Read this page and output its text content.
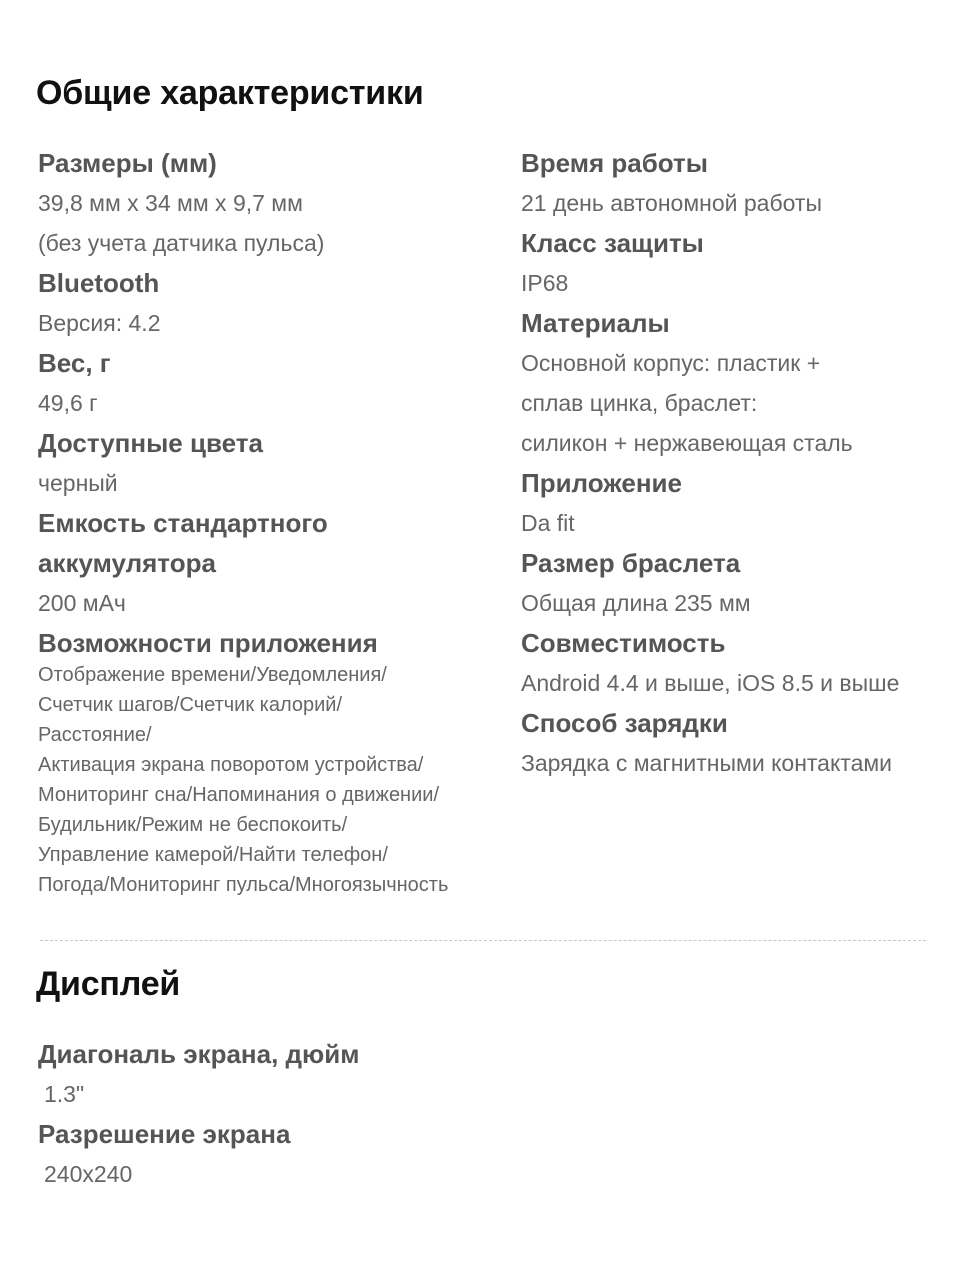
Общие характеристики
Размеры (мм)
39,8 мм х 34 мм х 9,7 мм
(без учета датчика пульса)
Bluetooth
Версия: 4.2
Вес, г
49,6 г
Доступные цвета
черный
Емкость стандартного
аккумулятора
200 мАч
Возможности приложения
Отображение времени/Уведомления/
Счетчик шагов/Счетчик калорий/
Расстояние/
Активация экрана поворотом устройства/
Мониторинг сна/Напоминания о движении/
Будильник/Режим не беспокоить/
Управление камерой/Найти телефон/
Погода/Мониторинг пульса/Многоязычность
Время работы
21 день автономной работы
Класс защиты
IP68
Материалы
Основной корпус: пластик +
сплав цинка, браслет:
силикон + нержавеющая сталь
Приложение
Da fit
Размер браслета
Общая длина 235 мм
Совместимость
Android 4.4 и выше, iOS 8.5 и выше
Способ зарядки
Зарядка с магнитными контактами
Дисплей
Диагональ экрана, дюйм
1.3"
Разрешение экрана
240x240
